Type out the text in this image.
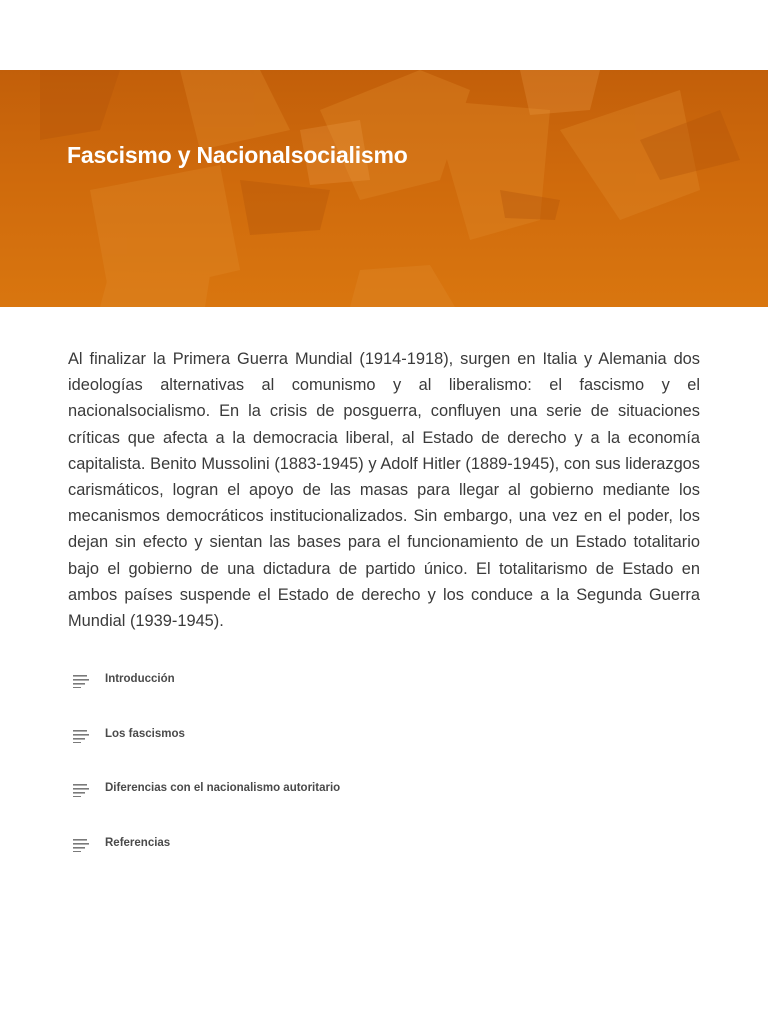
Fascismo y Nacionalsocialismo

Al finalizar la Primera Guerra Mundial (1914-1918), surgen en Italia y Alemania dos ideologías alternativas al comunismo y al liberalismo: el fascismo y el nacionalsocialismo. En la crisis de posguerra, confluyen una serie de situaciones críticas que afecta a la democracia liberal, al Estado de derecho y a la economía capitalista. Benito Mussolini (1883-1945) y Adolf Hitler (1889-1945), con sus liderazgos carismáticos, logran el apoyo de las masas para llegar al gobierno mediante los mecanismos democráticos institucionalizados. Sin embargo, una vez en el poder, los dejan sin efecto y sientan las bases para el funcionamiento de un Estado totalitario bajo el gobierno de una dictadura de partido único. El totalitarismo de Estado en ambos países suspende el Estado de derecho y los conduce a la Segunda Guerra Mundial (1939-1945).

Introducción
Los fascismos
Diferencias con el nacionalismo autoritario
Referencias
